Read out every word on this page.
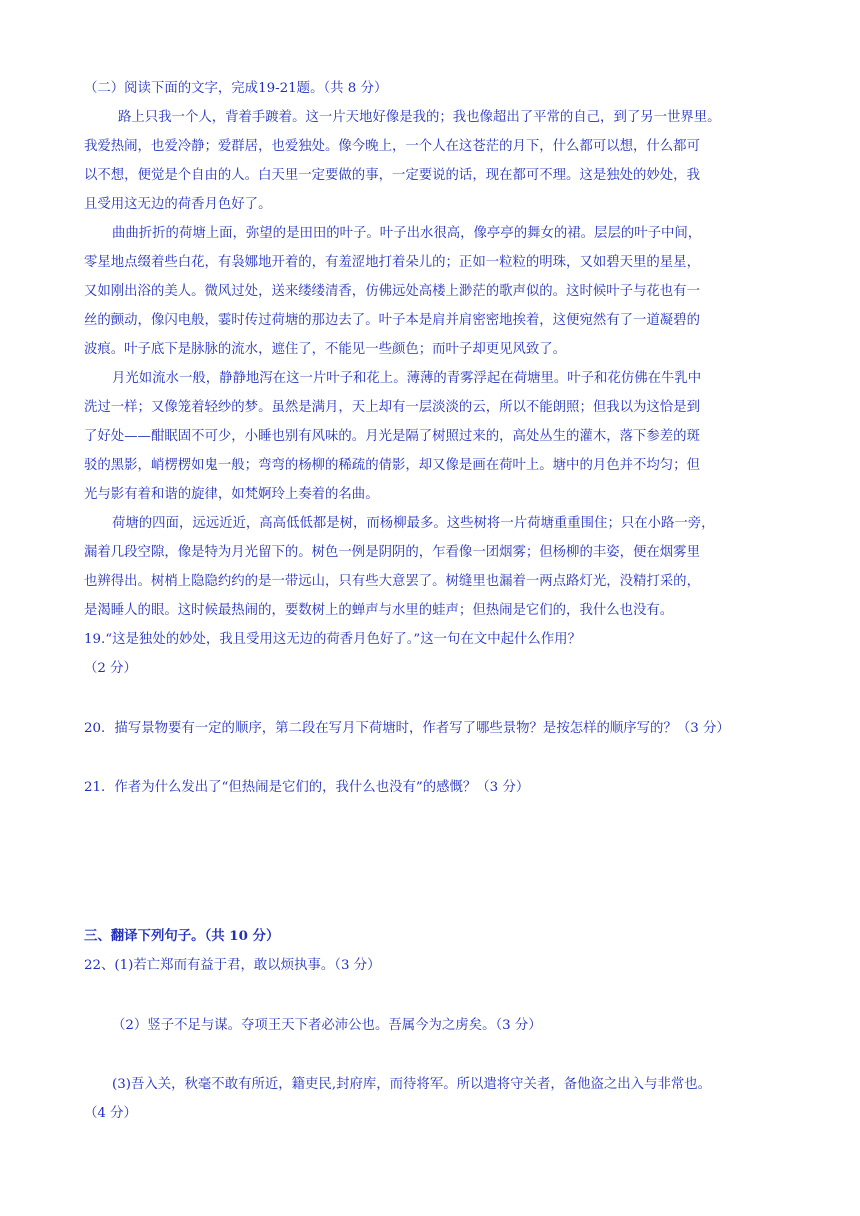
（二）阅读下面的文字，完成19-21题。（共 8 分）
路上只我一个人，背着手踱着。这一片天地好像是我的；我也像超出了平常的自己，到了另一世界里。
我爱热闹，也爱冷静；爱群居，也爱独处。像今晚上，一个人在这苍茫的月下，什么都可以想，什么都可
以不想，便觉是个自由的人。白天里一定要做的事，一定要说的话，现在都可不理。这是独处的妙处，我
且受用这无边的荷香月色好了。
曲曲折折的荷塘上面，弥望的是田田的叶子。叶子出水很高，像亭亭的舞女的裙。层层的叶子中间，
零星地点缀着些白花，有袅娜地开着的，有羞涩地打着朵儿的；正如一粒粒的明珠，又如碧天里的星星，
又如刚出浴的美人。微风过处，送来缕缕清香，仿佛远处高楼上渺茫的歌声似的。这时候叶子与花也有一
丝的颤动，像闪电般，霎时传过荷塘的那边去了。叶子本是肩并肩密密地挨着，这便宛然有了一道凝碧的
波痕。叶子底下是脉脉的流水，遮住了，不能见一些颜色；而叶子却更见风致了。
月光如流水一般，静静地泻在这一片叶子和花上。薄薄的青雾浮起在荷塘里。叶子和花仿佛在牛乳中
洗过一样；又像笼着轻纱的梦。虽然是满月，天上却有一层淡淡的云，所以不能朗照；但我以为这恰是到
了好处——酣眠固不可少，小睡也别有风味的。月光是隔了树照过来的，高处丛生的灌木，落下参差的斑
驳的黑影，峭楞楞如鬼一般；弯弯的杨柳的稀疏的倩影，却又像是画在荷叶上。塘中的月色并不均匀；但
光与影有着和谐的旋律，如梵婀玲上奏着的名曲。
荷塘的四面，远远近近，高高低低都是树，而杨柳最多。这些树将一片荷塘重重围住；只在小路一旁，
漏着几段空隙，像是特为月光留下的。树色一例是阴阴的，乍看像一团烟雾；但杨柳的丰姿，便在烟雾里
也辨得出。树梢上隐隐约约的是一带远山，只有些大意罢了。树缝里也漏着一两点路灯光，没精打采的，
是渴睡人的眼。这时候最热闹的，要数树上的蝉声与水里的蛙声；但热闹是它们的，我什么也没有。
19.“这是独处的妙处，我且受用这无边的荷香月色好了。”这一句在文中起什么作用？
（2 分）
20．描写景物要有一定的顺序，第二段在写月下荷塘时，作者写了哪些景物？是按怎样的顺序写的？（3 分）
21．作者为什么发出了“但热闹是它们的，我什么也没有”的感慨？（3 分）
三、翻译下列句子。（共 10 分）
22、(1)若亡郑而有益于君，敢以烦执事。（3 分）
（2）竖子不足与谋。夺项王天下者必沛公也。吾属今为之虏矣。（3 分）
(3)吾入关，秋毫不敢有所近，籍吏民,封府库，而待将军。所以遣将守关者，备他盗之出入与非常也。
（4 分）
